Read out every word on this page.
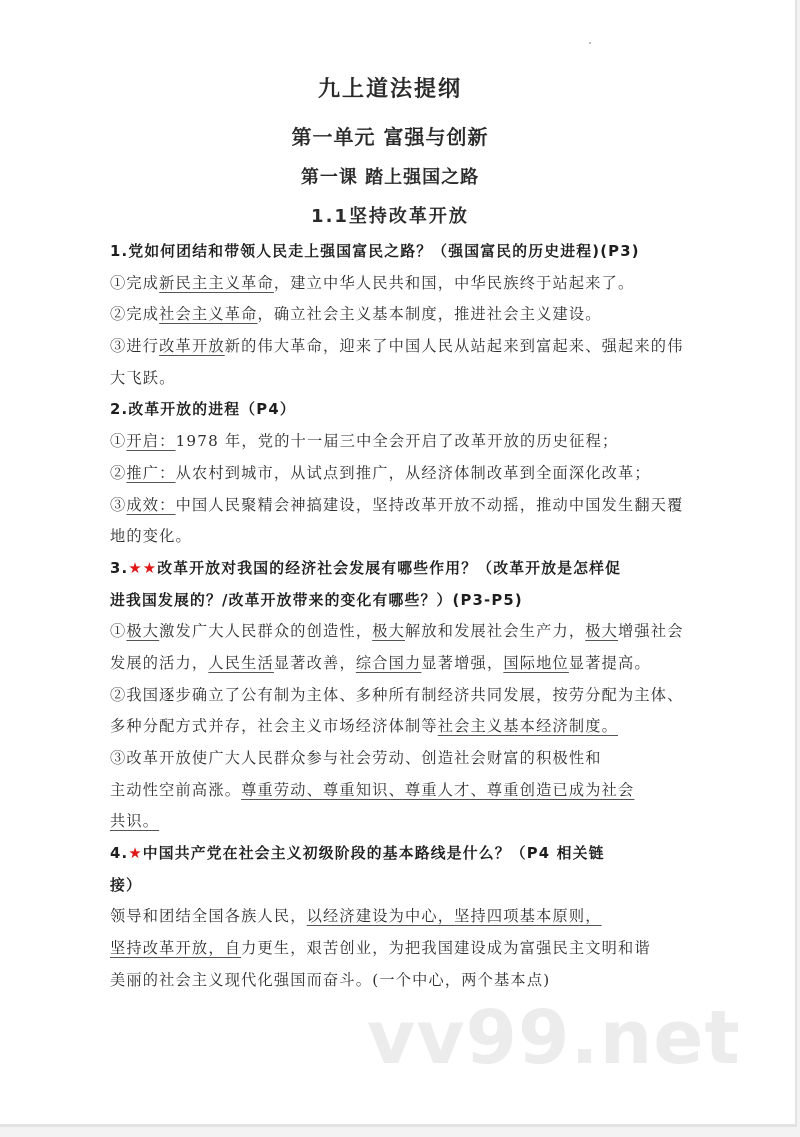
九上道法提纲
第一单元 富强与创新
第一课 踏上强国之路
1.1坚持改革开放
1.党如何团结和带领人民走上强国富民之路？（强国富民的历史进程)(P3)
①完成新民主主义革命，建立中华人民共和国，中华民族终于站起来了。
②完成社会主义革命，确立社会主义基本制度，推进社会主义建设。
③进行改革开放新的伟大革命，迎来了中国人民从站起来到富起来、强起来的伟
大飞跃。
2.改革开放的进程（P4）
①开启：1978 年，党的十一届三中全会开启了改革开放的历史征程；
②推广：从农村到城市，从试点到推广，从经济体制改革到全面深化改革；
③成效：中国人民聚精会神搞建设，坚持改革开放不动摇，推动中国发生翻天覆
地的变化。
3.★★改革开放对我国的经济社会发展有哪些作用？（改革开放是怎样促
进我国发展的？/改革开放带来的变化有哪些？）(P3-P5)
①极大激发广大人民群众的创造性，极大解放和发展社会生产力，极大增强社会
发展的活力，人民生活显著改善，综合国力显著增强，国际地位显著提高。
②我国逐步确立了公有制为主体、多种所有制经济共同发展，按劳分配为主体、
多种分配方式并存，社会主义市场经济体制等社会主义基本经济制度。
③改革开放使广大人民群众参与社会劳动、创造社会财富的积极性和
主动性空前高涨。尊重劳动、尊重知识、尊重人才、尊重创造已成为社会
共识。
4.★中国共产党在社会主义初级阶段的基本路线是什么？（P4 相关链
接）
领导和团结全国各族人民，以经济建设为中心，坚持四项基本原则，
坚持改革开放，自力更生，艰苦创业，为把我国建设成为富强民主文明和谐
美丽的社会主义现代化强国而奋斗。(一个中心，两个基本点)
vv99.net
